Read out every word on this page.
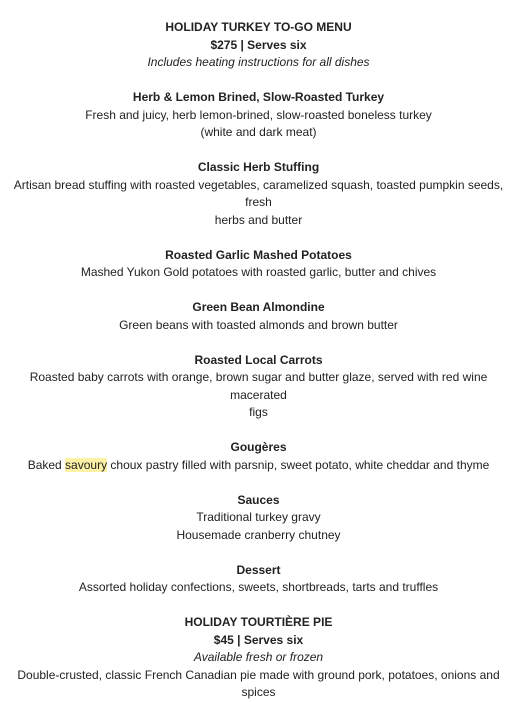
HOLIDAY TURKEY TO-GO MENU
$275 | Serves six
Includes heating instructions for all dishes
Herb & Lemon Brined, Slow-Roasted Turkey
Fresh and juicy, herb lemon-brined, slow-roasted boneless turkey
(white and dark meat)
Classic Herb Stuffing
Artisan bread stuffing with roasted vegetables, caramelized squash, toasted pumpkin seeds, fresh
herbs and butter
Roasted Garlic Mashed Potatoes
Mashed Yukon Gold potatoes with roasted garlic, butter and chives
Green Bean Almondine
Green beans with toasted almonds and brown butter
Roasted Local Carrots
Roasted baby carrots with orange, brown sugar and butter glaze, served with red wine macerated
figs
Gougères
Baked savoury choux pastry filled with parsnip, sweet potato, white cheddar and thyme
Sauces
Traditional turkey gravy
Housemade cranberry chutney
Dessert
Assorted holiday confections, sweets, shortbreads, tarts and truffles
HOLIDAY TOURTIÈRE PIE
$45 | Serves six
Available fresh or frozen
Double-crusted, classic French Canadian pie made with ground pork, potatoes, onions and
spices
